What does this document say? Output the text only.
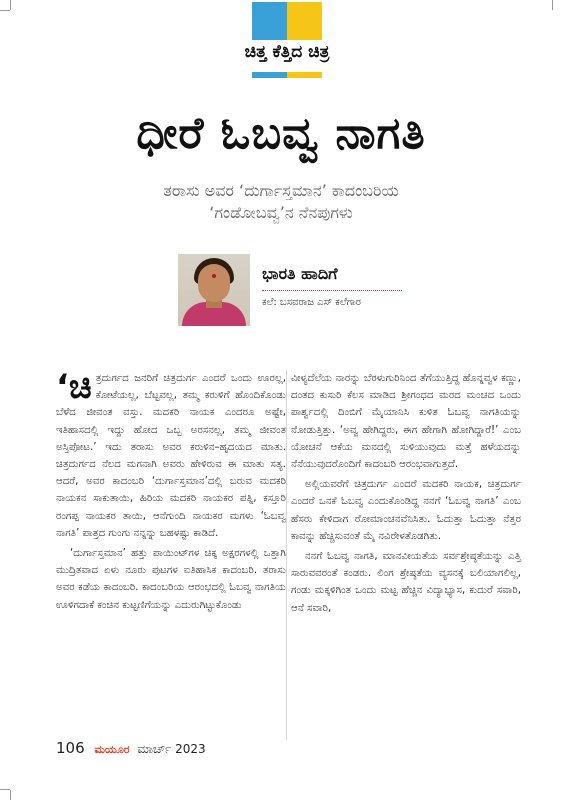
ಚಿತ್ತ ಕೆತ್ತಿದ ಚಿತ್ರ
ಧೀರೆ ಓಬವ್ವ ನಾಗತಿ
ತರಾಸು ಅವರ ‘ದುರ್ಗಾಸ್ತಮಾನ’ ಕಾದಂಬರಿಯ
‘ಗಂಡೋಬವ್ವ’ನ ನೆನಪುಗಳು
ಭಾರತಿ ಹಾದಿಗೆ
ಕಲೆ: ಬಸವರಾಜ ಎಸ್ ಕಲೆಗಾರ

‘ಚಿ ತ್ರದುರ್ಗದ ಜನರಿಗೆ ಚಿತ್ರದುರ್ಗ ಎಂದರೆ ಒಂದು ಊರಲ್ಲ, ಕೋಟೆಯಲ್ಲ, ಬೆಟ್ಟವಲ್ಲ, ತಮ್ಮ ಕರುಳಿಗೆ ಹೊಂದಿಕೊಂಡು ಬೆಳೆದ ಜೀವಂತ ವಸ್ತು. ಮದಕರಿ ನಾಯಕ ಎಂದರೂ ಅಷ್ಟೇ, ಇತಿಹಾಸದಲ್ಲಿ ಇದ್ದು ಹೋದ ಒಬ್ಬ ಅರಸನಲ್ಲ, ತಮ್ಮ ಜೀವಂತ ಅಸ್ತಿಪೋಟ.’ ಇದು ತರಾಸು ಅವರ ಕರುಳಿನ–ಹೃದಯದ ಮಾತು. ಚಿತ್ರದುರ್ಗದ ನೆಲದ ಮಗನಾಗಿ ಅವರು ಹೇಳಿರುವ ಈ ಮಾತು ಸತ್ಯ. ಆದರೆ, ಅವರ ಕಾದಂಬರಿ ‘ದುರ್ಗಾಸ್ತಮಾನ’ದಲ್ಲಿ ಬರುವ ಮದಕರಿ ನಾಯಕನ ಸಾಕುತಾಯಿ, ಹಿರಿಯ ಮದಕರಿ ನಾಯಕರ ಪತ್ನಿ, ಕಸ್ತೂರಿ ರಂಗಪ್ಪ ನಾಯಕರ ತಾಯಿ, ಆನೆಗುಂದಿ ನಾಯಕರ ಮಗಳು ‘ಓಬವ್ವ ನಾಗತಿ’ ಪಾತ್ರದ ಗುಂಗು ನನ್ನನ್ನು ಬಹಳಷ್ಟು ಕಾಡಿದೆ.

‘ದುರ್ಗಾಸ್ತಮಾನ’ ಹತ್ತು ಪಾಯಿಂಟ್‌ಗಳ ಚಿಕ್ಕ ಅಕ್ಷರಗಳಲ್ಲಿ ಒತ್ತಾಗಿ ಮುದ್ರಿತವಾದ ಏಳು ನೂರು ಪುಟಗಳ ಐತಿಹಾಸಿಕ ಕಾದಂಬರಿ. ತರಾಸು ಅವರ ಕಡೆಯ ಕಾದಂಬರಿ. ಕಾದಂಬರಿಯ ಆರಂಭದಲ್ಲಿ ಓಬವ್ವ ನಾಗತಿಯ ಊಳಿಗದಾಕೆ ಕಂಚಿನ ಕುಟ್ಟಣಿಗೆಯನ್ನು ಎದುರುಗಿಟ್ಟುಕೊಂಡು

ವೀಳ್ಯದೆಲೆಯ ನಾರನ್ನು ಬೆರಳುಗುರಿನಿಂದ ತೆಗೆಯುತ್ತಿದ್ದ ಹೊನ್ನವ್ವಳ ಕಣ್ಣು, ದಂತದ ಕುಸುರಿ ಕೆಲಸ ಮಾಡಿದ ಶ್ರೀಗಂಧದ ಮರದ ಮಂಚದ ಒಂದು ಪಾರ್ಶ್ವದಲ್ಲಿ ದಿಂಬಿಗೆ ಮೈಯಾನಿಸಿ ಕುಳಿತ ಓಬವ್ವ ನಾಗತಿಯನ್ನು ನೋಡುತ್ತಿತ್ತು. ‘ಅವ್ವ ಹೇಗಿದ್ದರು, ಈಗ ಹೇಗಾಗಿ ಹೋಗಿದ್ದಾರೆ!’ ಎಂಬ ಯೋಚನೆ ಆಕೆಯ ಮನದಲ್ಲಿ ಸುಳಿಯುವುದು ಮತ್ತೆ ಹಳೆಯದನ್ನು ನೆನೆಯುವುದರೊಂದಿಗೆ ಕಾದಂಬರಿ ಆರಂಭವಾಗುತ್ತದೆ.

ಅಲ್ಲಿಯವರೆಗೆ ಚಿತ್ರದುರ್ಗ ಎಂದರೆ ಮದಕರಿ ನಾಯಕ, ಚಿತ್ರದುರ್ಗ ಎಂದರೆ ಒನಕೆ ಓಬವ್ವ ಎಂದುಕೊಂಡಿದ್ದ ನನಗೆ ‘ಓಬವ್ವ ನಾಗತಿ’ ಎಂಬ ಹೆಸರು ಕೇಳಿದಾಗ ರೋಮಾಂಚನವೆನಿಸಿತು. ಓದುತ್ತಾ ಓದುತ್ತಾ ನೆತ್ತರ ಕಾವನ್ನು ಹೆಚ್ಚಿಸುವಂತೆ ಮೈ ನವಿರೇಳತೊಡಗಿತು.

ನನಗೆ ಓಬವ್ವ ನಾಗತಿ, ಮಾನವೀಯತೆಯ ಸರ್ವಶ್ರೇಷ್ಠತೆಯನ್ನು ಎತ್ತಿ ಸಾರುವವರಂತೆ ಕಂಡರು. ಲಿಂಗ ಶ್ರೇಷ್ಠತೆಯ ವ್ಯಸನಕ್ಕೆ ಬಲಿಯಾಗಲಿಲ್ಲ, ಗಂಡು ಮಕ್ಕಳಿಗಿಂತ ಒಂದು ಮಟ್ಟ ಹೆಚ್ಚಿನ ವಿದ್ಯಾಭ್ಯಾಸ, ಕುದುರೆ ಸವಾರಿ, ಆನೆ ಸವಾರಿ,

106 ಮಯೂರ ಮಾರ್ಚ್ 2023
